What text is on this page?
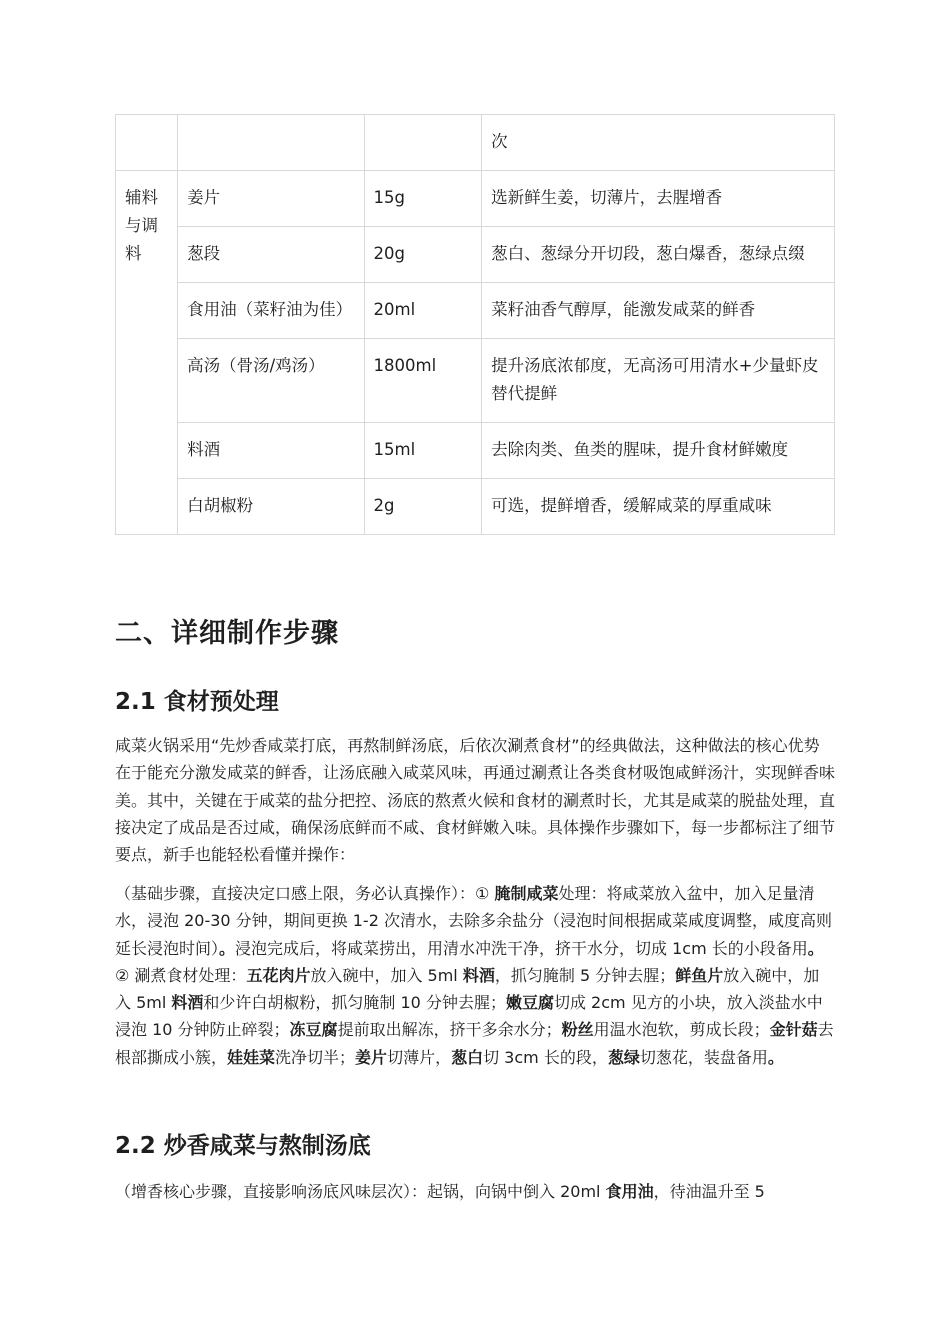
			次
辅料与调料	姜片	15g	选新鲜生姜，切薄片，去腥增香
	葱段	20g	葱白、葱绿分开切段，葱白爆香，葱绿点缀
	食用油（菜籽油为佳）	20ml	菜籽油香气醇厚，能激发咸菜的鲜香
	高汤（骨汤/鸡汤）	1800ml	提升汤底浓郁度，无高汤可用清水+少量虾皮替代提鲜
	料酒	15ml	去除肉类、鱼类的腥味，提升食材鲜嫩度
	白胡椒粉	2g	可选，提鲜增香，缓解咸菜的厚重咸味
二、详细制作步骤
2.1 食材预处理

咸菜火锅采用“先炒香咸菜打底，再熬制鲜汤底，后依次涮煮食材”的经典做法，这种做法的核心优势在于能充分激发咸菜的鲜香，让汤底融入咸菜风味，再通过涮煮让各类食材吸饱咸鲜汤汁，实现鲜香味美。其中，关键在于咸菜的盐分把控、汤底的熬煮火候和食材的涮煮时长，尤其是咸菜的脱盐处理，直接决定了成品是否过咸，确保汤底鲜而不咸、食材鲜嫩入味。具体操作步骤如下，每一步都标注了细节要点，新手也能轻松看懂并操作：

（基础步骤，直接决定口感上限，务必认真操作）：① 腌制咸菜处理：将咸菜放入盆中，加入足量清水，浸泡 20-30 分钟，期间更换 1-2 次清水，去除多余盐分（浸泡时间根据咸菜咸度调整，咸度高则延长浸泡时间）。浸泡完成后，将咸菜捞出，用清水冲洗干净，挤干水分，切成 1cm 长的小段备用。② 涮煮食材处理：五花肉片放入碗中，加入 5ml 料酒，抓匀腌制 5 分钟去腥；鲜鱼片放入碗中，加入 5ml 料酒和少许白胡椒粉，抓匀腌制 10 分钟去腥；嫩豆腐切成 2cm 见方的小块，放入淡盐水中浸泡 10 分钟防止碎裂；冻豆腐提前取出解冻，挤干多余水分；粉丝用温水泡软，剪成长段；金针菇去根部撕成小簇，娃娃菜洗净切半；姜片切薄片，葱白切 3cm 长的段，葱绿切葱花，装盘备用。

2.2 炒香咸菜与熬制汤底

（增香核心步骤，直接影响汤底风味层次）：起锅，向锅中倒入 20ml 食用油，待油温升至 5
